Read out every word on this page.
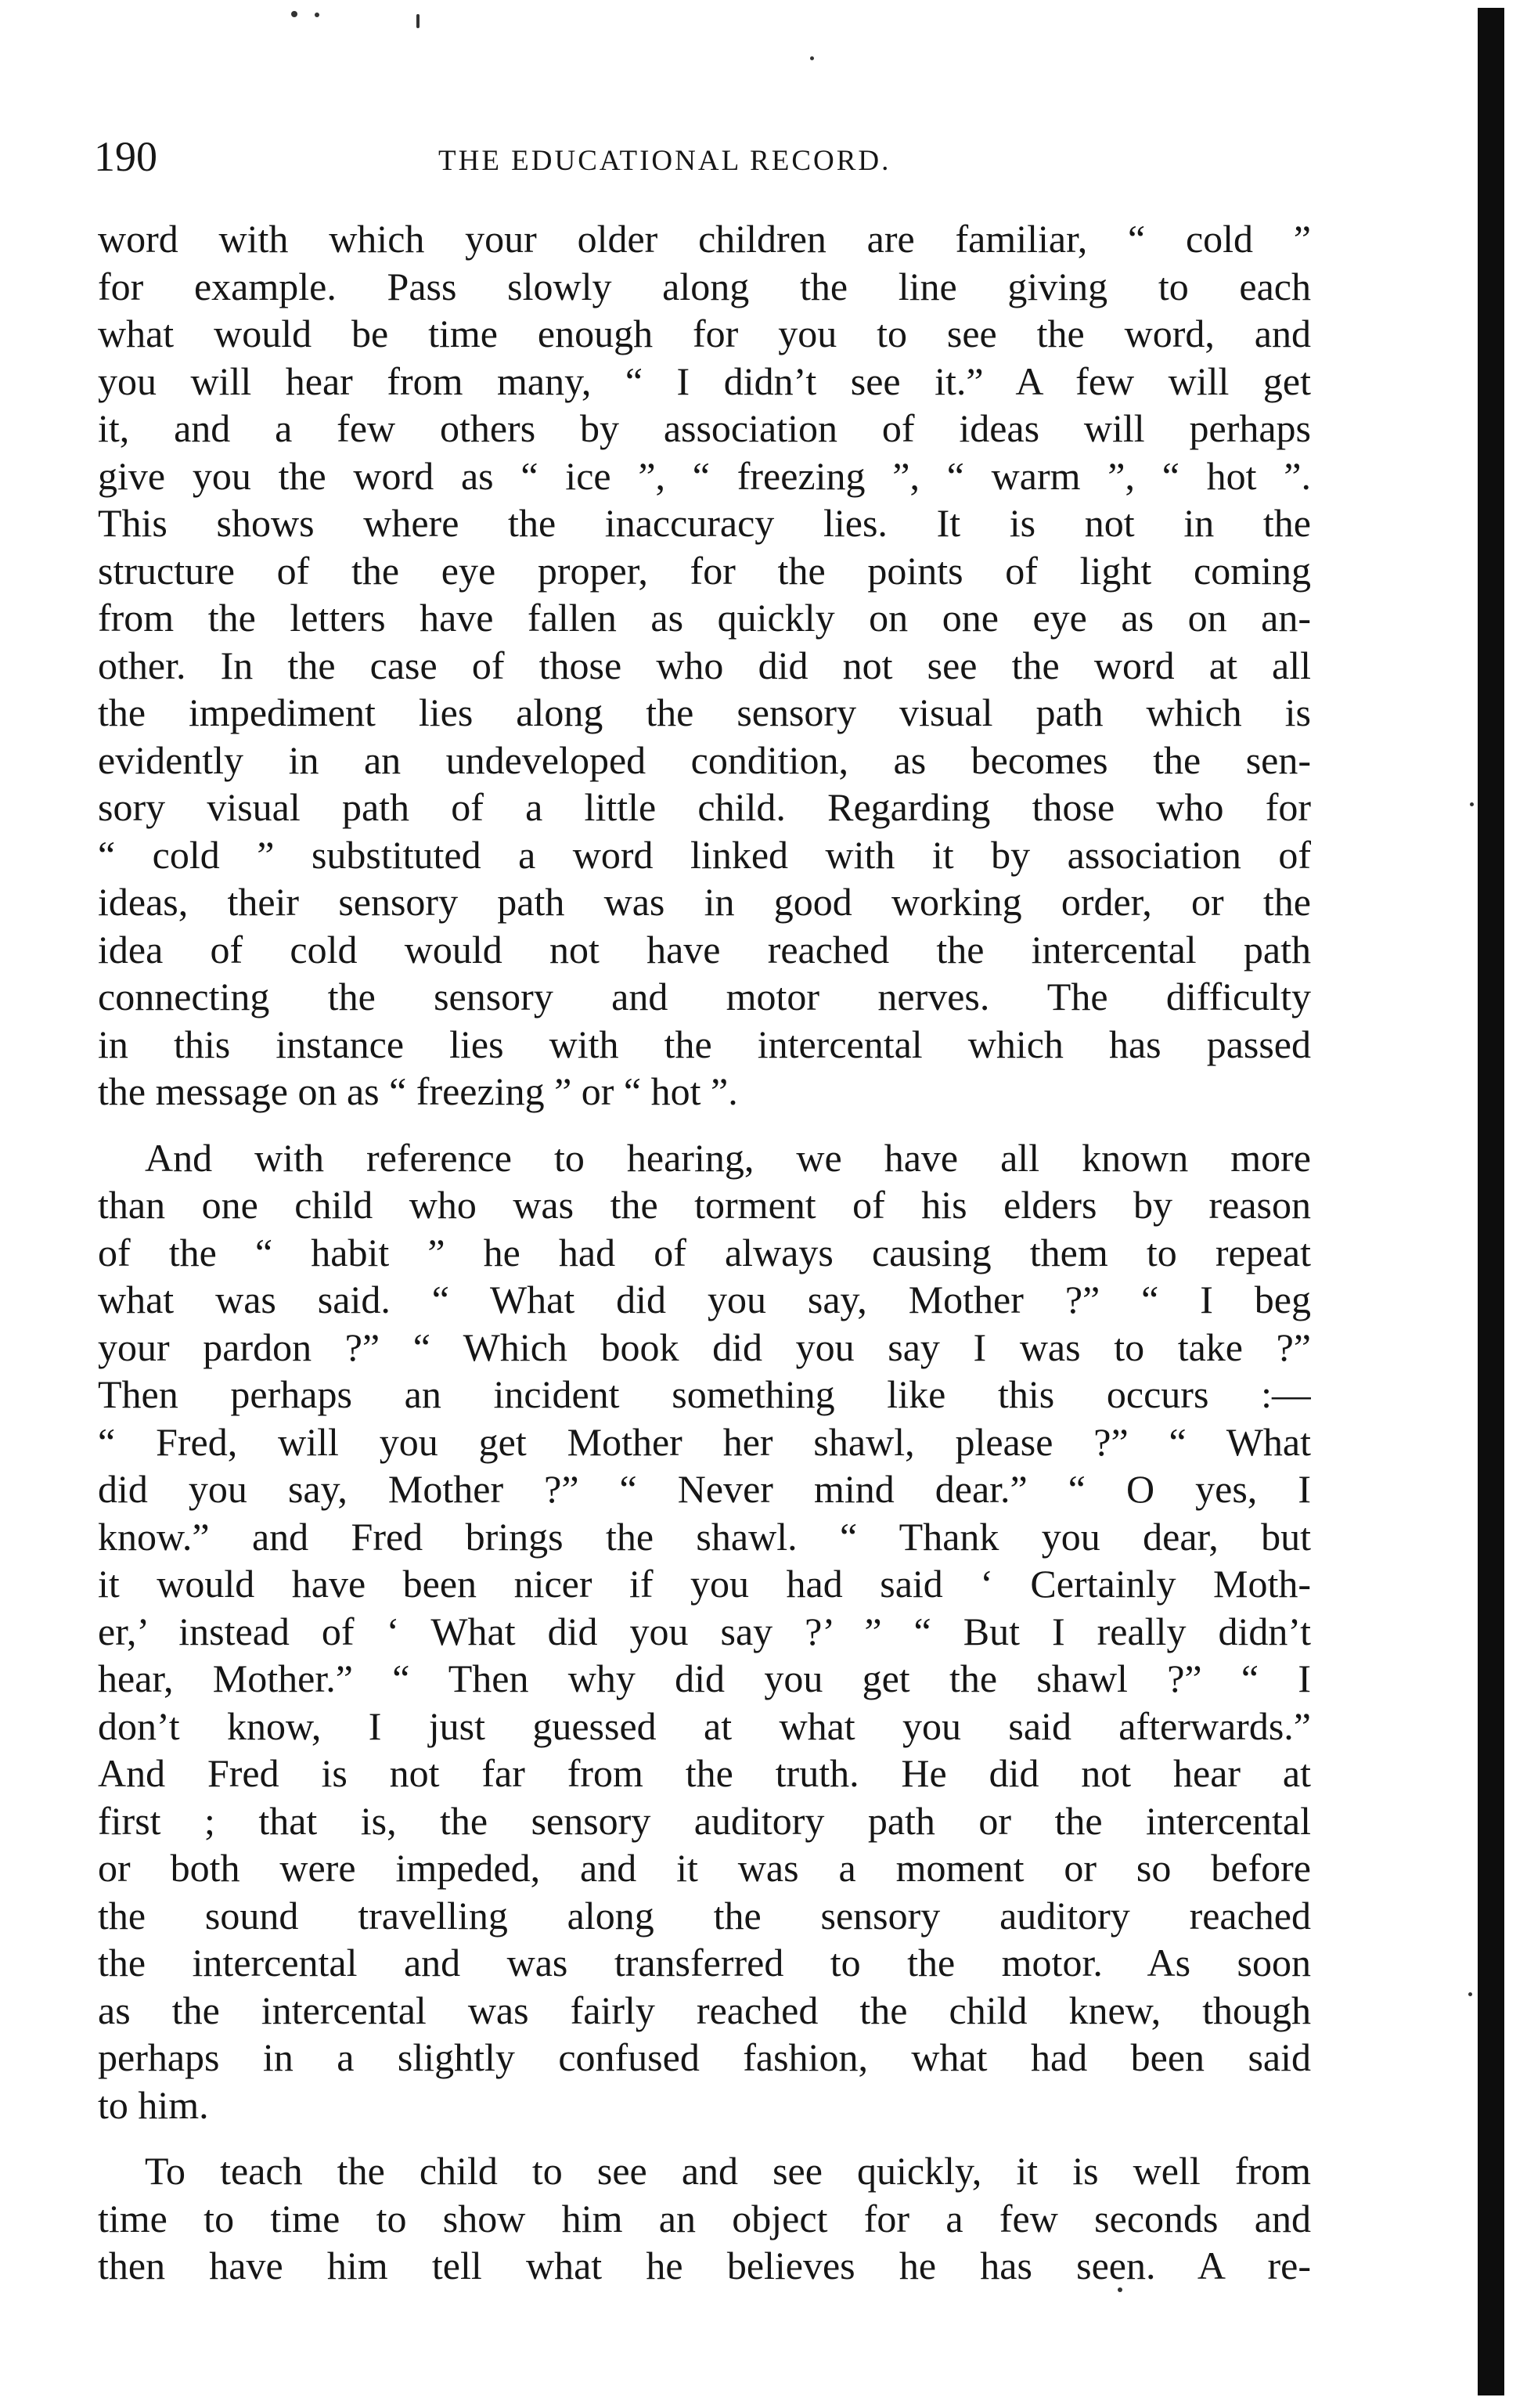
190	THE EDUCATIONAL RECORD.
word with which your older children are familiar, “ cold ”
for example. Pass slowly along the line giving to each
what would be time enough for you to see the word, and
you will hear from many, “ I didn’t see it.” A few will get
it, and a few others by association of ideas will perhaps
give you the word as “ ice ”, “ freezing ”, “ warm ”, “ hot ”.
This shows where the inaccuracy lies. It is not in the
structure of the eye proper, for the points of light coming
from the letters have fallen as quickly on one eye as on an-
other. In the case of those who did not see the word at all
the impediment lies along the sensory visual path which is
evidently in an undeveloped condition, as becomes the sen-
sory visual path of a little child. Regarding those who for
“ cold ” substituted a word linked with it by association of
ideas, their sensory path was in good working order, or the
idea of cold would not have reached the intercental path
connecting the sensory and motor nerves. The difficulty
in this instance lies with the intercental which has passed
the message on as “ freezing ” or “ hot ”.
And with reference to hearing, we have all known more
than one child who was the torment of his elders by reason
of the “ habit ” he had of always causing them to repeat
what was said. “ What did you say, Mother ?” “ I beg
your pardon ?” “ Which book did you say I was to take ?”
Then perhaps an incident something like this occurs :—
“ Fred, will you get Mother her shawl, please ?” “ What
did you say, Mother ?” “ Never mind dear.” “ O yes, I
know.” and Fred brings the shawl. “ Thank you dear, but
it would have been nicer if you had said ‘ Certainly Moth-
er,’ instead of ‘ What did you say ?’ ” “ But I really didn’t
hear, Mother.” “ Then why did you get the shawl ?” “ I
don’t know, I just guessed at what you said afterwards.”
And Fred is not far from the truth. He did not hear at
first ; that is, the sensory auditory path or the intercental
or both were impeded, and it was a moment or so before
the sound travelling along the sensory auditory reached
the intercental and was transferred to the motor. As soon
as the intercental was fairly reached the child knew, though
perhaps in a slightly confused fashion, what had been said
to him.
To teach the child to see and see quickly, it is well from
time to time to show him an object for a few seconds and
then have him tell what he believes he has seen. A re-
